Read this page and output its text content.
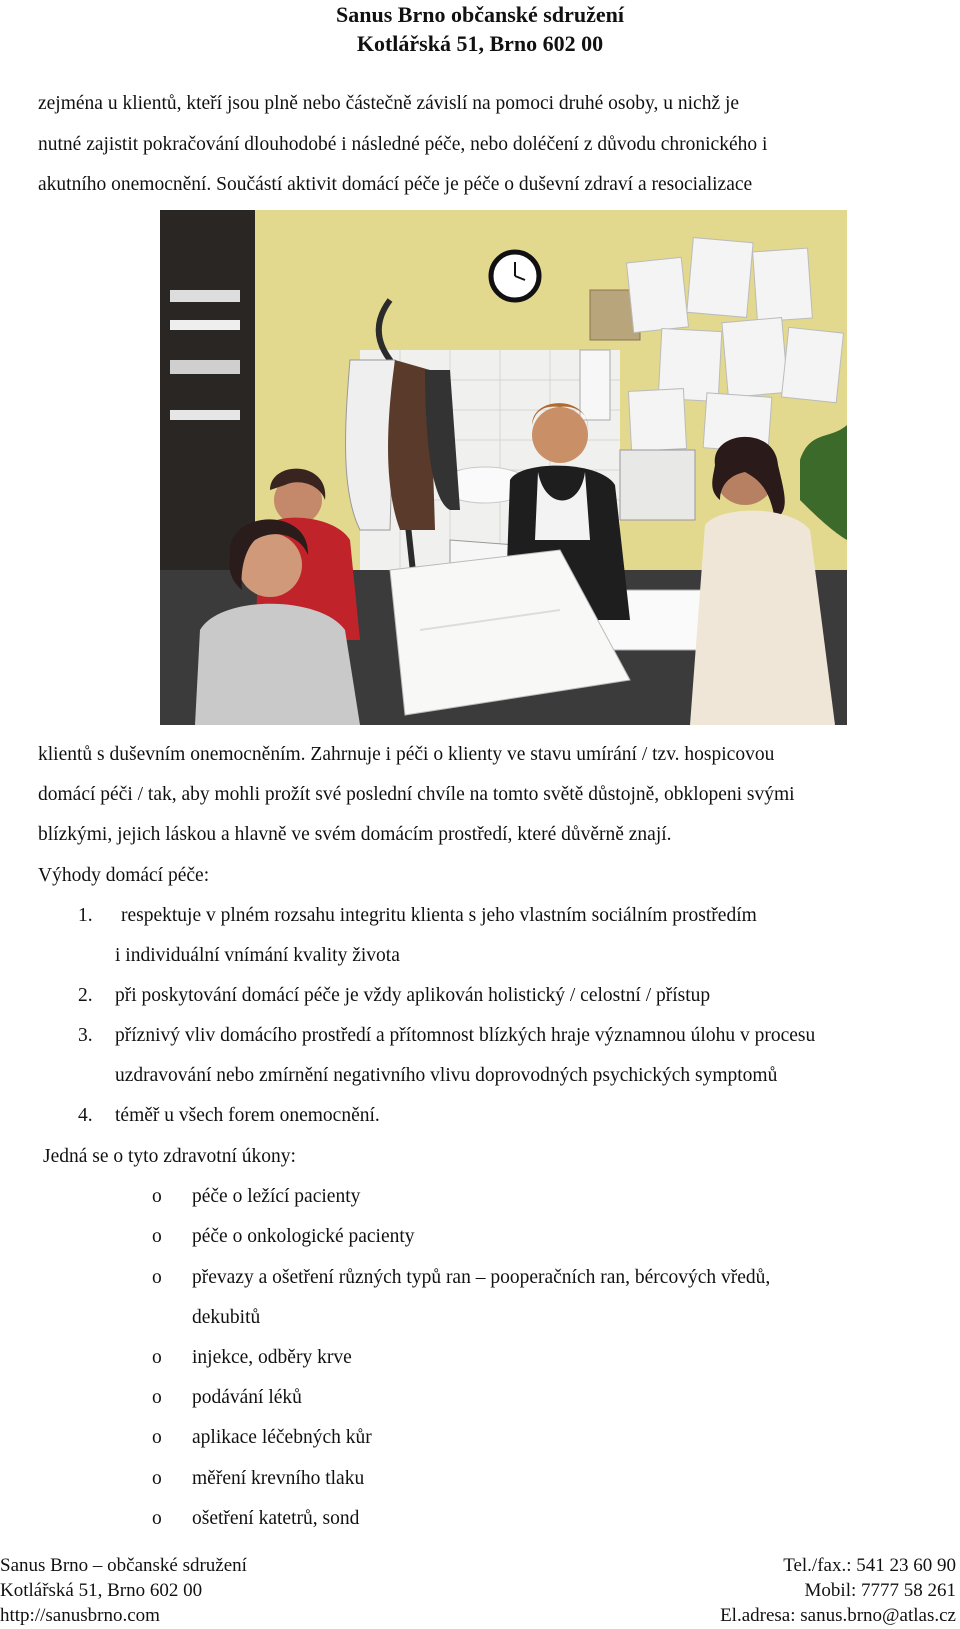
Sanus Brno občanské sdružení
Kotlářská 51, Brno 602 00
zejména u klientů, kteří jsou plně nebo částečně závislí na pomoci druhé osoby, u nichž je
nutné zajistit pokračování dlouhodobé i následné péče, nebo doléčení z důvodu chronického i
akutního onemocnění. Součástí aktivit domácí péče je péče o duševní zdraví a resocializace
klientů s duševním onemocněním. Zahrnuje i péči o klienty ve stavu umírání / tzv. hospicovou
domácí péči / tak, aby mohli prožít své poslední chvíle na tomto světě důstojně, obklopeni svými
blízkými, jejich láskou a hlavně ve svém domácím prostředí, které důvěrně znají.
Výhody domácí péče:
1. respektuje v plném rozsahu integritu klienta s jeho vlastním sociálním prostředím
i individuální vnímání kvality života
2. při poskytování domácí péče je vždy aplikován holistický / celostní / přístup
3. příznivý vliv domácího prostředí a přítomnost blízkých hraje významnou úlohu v procesu
uzdravování nebo zmírnění negativního vlivu doprovodných psychických symptomů
4. téměř u všech forem onemocnění.
Jedná se o tyto zdravotní úkony:
o péče o ležící pacienty
o péče o onkologické pacienty
o převazy a ošetření různých typů ran – pooperačních ran, bércových vředů,
dekubitů
o injekce, odběry krve
o podávání léků
o aplikace léčebných kůr
o měření krevního tlaku
o ošetření katetrů, sond
Sanus Brno – občanské sdružení
Kotlářská 51, Brno 602 00
http://sanusbrno.com
Tel./fax.: 541 23 60 90
Mobil: 7777 58 261
El.adresa: sanus.brno@atlas.cz
